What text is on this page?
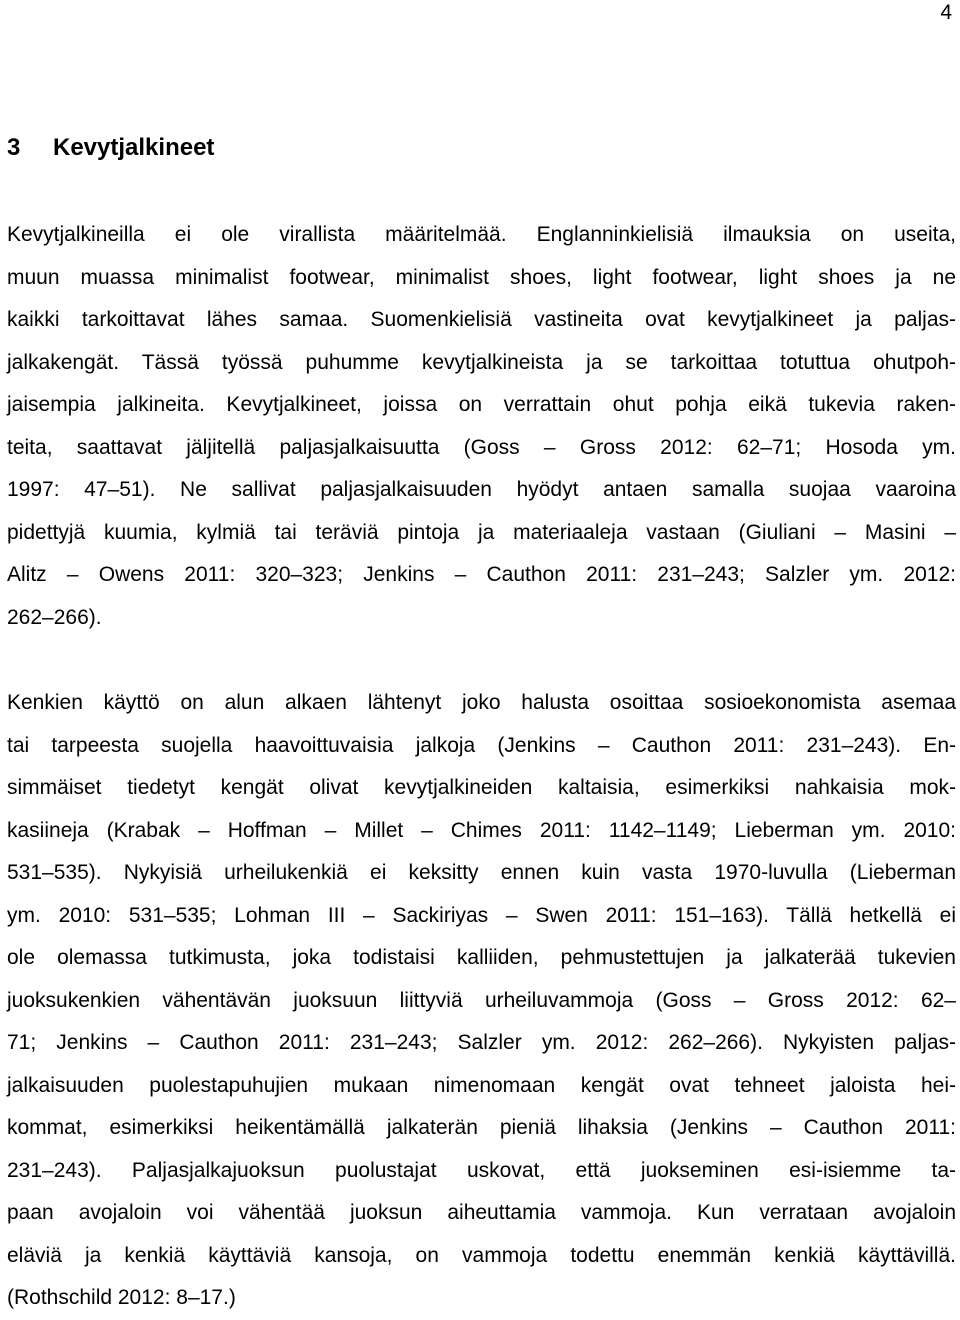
4
3 Kevytjalkineet
Kevytjalkineilla ei ole virallista määritelmää. Englanninkielisiä ilmauksia on useita,
muun muassa minimalist footwear, minimalist shoes, light footwear, light shoes ja ne
kaikki tarkoittavat lähes samaa. Suomenkielisiä vastineita ovat kevytjalkineet ja paljas-
jalkakengät. Tässä työssä puhumme kevytjalkineista ja se tarkoittaa totuttua ohutpoh-
jaisempia jalkineita. Kevytjalkineet, joissa on verrattain ohut pohja eikä tukevia raken-
teita, saattavat jäljitellä paljasjalkaisuutta (Goss – Gross 2012: 62–71; Hosoda ym.
1997: 47–51). Ne sallivat paljasjalkaisuuden hyödyt antaen samalla suojaa vaaroina
pidettyjä kuumia, kylmiä tai teräviä pintoja ja materiaaleja vastaan (Giuliani – Masini –
Alitz – Owens 2011: 320–323; Jenkins – Cauthon 2011: 231–243; Salzler ym. 2012:
262–266).
Kenkien käyttö on alun alkaen lähtenyt joko halusta osoittaa sosioekonomista asemaa
tai tarpeesta suojella haavoittuvaisia jalkoja (Jenkins – Cauthon 2011: 231–243). En-
simmäiset tiedetyt kengät olivat kevytjalkineiden kaltaisia, esimerkiksi nahkaisia mok-
kasiineja (Krabak – Hoffman – Millet – Chimes 2011: 1142–1149; Lieberman ym. 2010:
531–535). Nykyisiä urheilukenkiä ei keksitty ennen kuin vasta 1970-luvulla (Lieberman
ym. 2010: 531–535; Lohman III – Sackiriyas – Swen 2011: 151–163). Tällä hetkellä ei
ole olemassa tutkimusta, joka todistaisi kalliiden, pehmustettujen ja jalkaterää tukevien
juoksukenkien vähentävän juoksuun liittyviä urheiluvammoja (Goss – Gross 2012: 62–
71; Jenkins – Cauthon 2011: 231–243; Salzler ym. 2012: 262–266). Nykyisten paljas-
jalkaisuuden puolestapuhujien mukaan nimenomaan kengät ovat tehneet jaloista hei-
kommat, esimerkiksi heikentämällä jalkaterän pieniä lihaksia (Jenkins – Cauthon 2011:
231–243). Paljasjalkajuoksun puolustajat uskovat, että juokseminen esi-isiemme ta-
paan avojaloin voi vähentää juoksun aiheuttamia vammoja. Kun verrataan avojaloin
eläviä ja kenkiä käyttäviä kansoja, on vammoja todettu enemmän kenkiä käyttävillä.
(Rothschild 2012: 8–17.)
